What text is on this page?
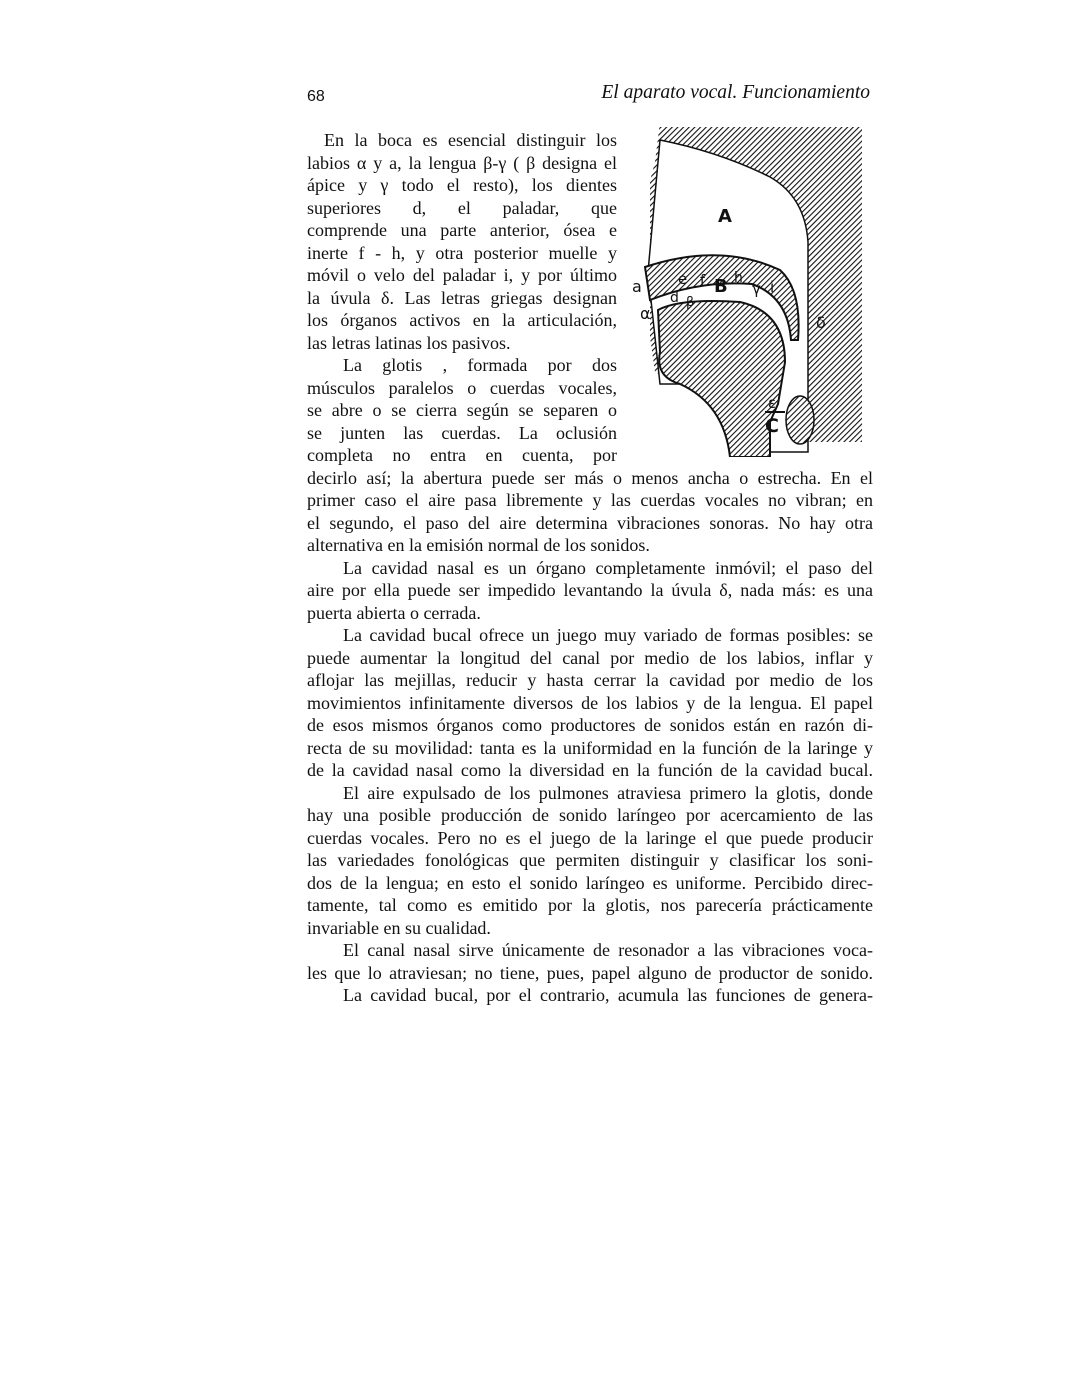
68	El aparato vocal. Funcionamiento
A
a e f B h
γ i
d β
α	δ
ε
C
En la boca es esencial distinguir los
labios α y a, la lengua β-γ ( β designa el
ápice y γ todo el resto), los dientes
superiores d, el paladar, que
comprende una parte anterior, ósea e
inerte f - h, y otra posterior muelle y
móvil o velo del paladar i, y por último
la úvula δ. Las letras griegas designan
los órganos activos en la articulación,
las letras latinas los pasivos.
La glotis , formada por dos
músculos paralelos o cuerdas vocales,
se abre o se cierra según se separen o
se junten las cuerdas. La oclusión
completa no entra en cuenta, por
decirlo así; la abertura puede ser más o menos ancha o estrecha. En el
primer caso el aire pasa libremente y las cuerdas vocales no vibran; en
el segundo, el paso del aire determina vibraciones sonoras. No hay otra
alternativa en la emisión normal de los sonidos.
La cavidad nasal es un órgano completamente inmóvil; el paso del
aire por ella puede ser impedido levantando la úvula δ, nada más: es una
puerta abierta o cerrada.
La cavidad bucal ofrece un juego muy variado de formas posibles: se
puede aumentar la longitud del canal por medio de los labios, inflar y
aflojar las mejillas, reducir y hasta cerrar la cavidad por medio de los
movimientos infinitamente diversos de los labios y de la lengua. El papel
de esos mismos órganos como productores de sonidos están en razón di-
recta de su movilidad: tanta es la uniformidad en la función de la laringe y
de la cavidad nasal como la diversidad en la función de la cavidad bucal.
El aire expulsado de los pulmones atraviesa primero la glotis, donde
hay una posible producción de sonido laríngeo por acercamiento de las
cuerdas vocales. Pero no es el juego de la laringe el que puede producir
las variedades fonológicas que permiten distinguir y clasificar los soni-
dos de la lengua; en esto el sonido laríngeo es uniforme. Percibido direc-
tamente, tal como es emitido por la glotis, nos parecería prácticamente
invariable en su cualidad.
El canal nasal sirve únicamente de resonador a las vibraciones voca-
les que lo atraviesan; no tiene, pues, papel alguno de productor de sonido.
La cavidad bucal, por el contrario, acumula las funciones de genera-
